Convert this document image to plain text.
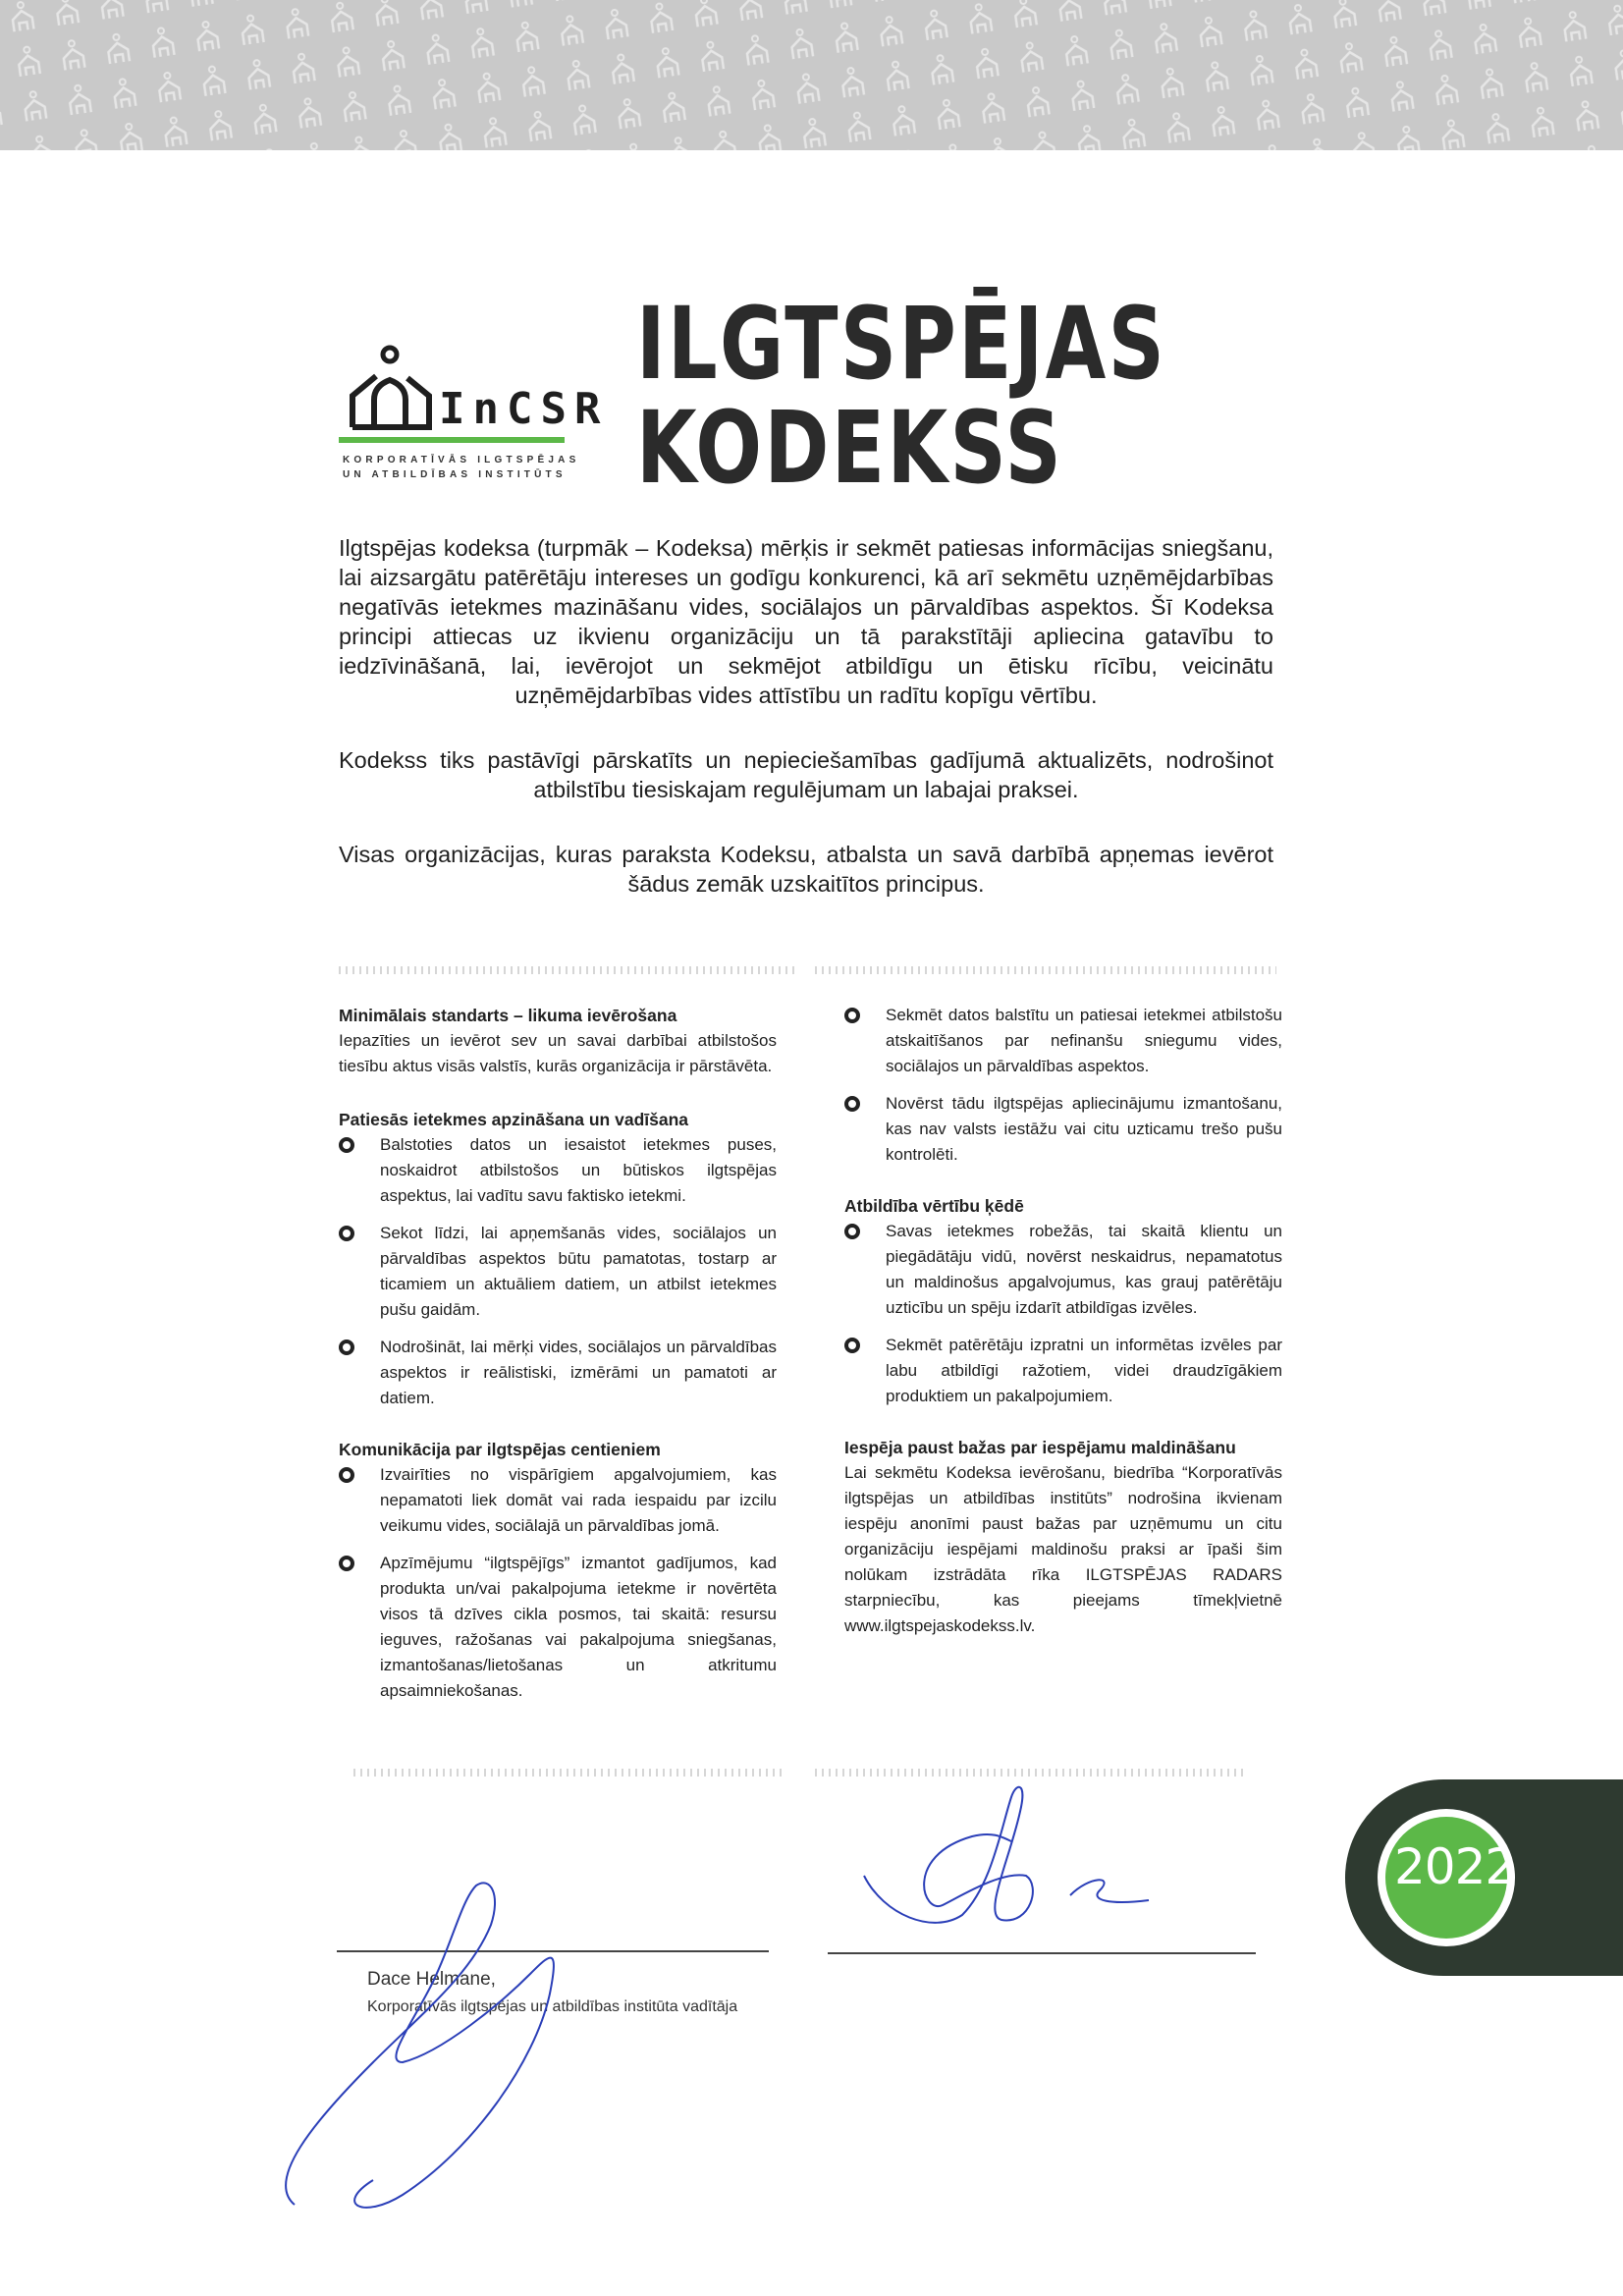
InCSR
KORPORATĪVĀS ILGTSPĒJAS
UN ATBILDĪBAS INSTITŪTS
ILGTSPĒJAS
KODEKSS

Ilgtspējas kodeksa (turpmāk – Kodeksa) mērķis ir sekmēt patiesas informācijas sniegšanu, lai aizsargātu patērētāju intereses un godīgu konkurenci, kā arī sekmētu uzņēmējdarbības negatīvās ietekmes mazināšanu vides, sociālajos un pārvaldības aspektos. Šī Kodeksa principi attiecas uz ikvienu organizāciju un tā parakstītāji apliecina gatavību to iedzīvināšanā, lai, ievērojot un sekmējot atbildīgu un ētisku rīcību, veicinātu uzņēmējdarbības vides attīstību un radītu kopīgu vērtību.

Kodekss tiks pastāvīgi pārskatīts un nepieciešamības gadījumā aktualizēts, nodrošinot atbilstību tiesiskajam regulējumam un labajai praksei.

Visas organizācijas, kuras paraksta Kodeksu, atbalsta un savā darbībā apņemas ievērot šādus zemāk uzskaitītos principus.

Minimālais standarts – likuma ievērošana

Iepazīties un ievērot sev un savai darbībai atbilstošos tiesību aktus visās valstīs, kurās organizācija ir pārstāvēta.

Patiesās ietekmes apzināšana un vadīšana
Balstoties datos un iesaistot ietekmes puses, noskaidrot atbilstošos un būtiskos ilgtspējas aspektus, lai vadītu savu faktisko ietekmi.
Sekot līdzi, lai apņemšanās vides, sociālajos un pārvaldības aspektos būtu pamatotas, tostarp ar ticamiem un aktuāliem datiem, un atbilst ietekmes pušu gaidām.
Nodrošināt, lai mērķi vides, sociālajos un pārvaldības aspektos ir reālistiski, izmērāmi un pamatoti ar datiem.
Komunikācija par ilgtspējas centieniem
Izvairīties no vispārīgiem apgalvojumiem, kas nepamatoti liek domāt vai rada iespaidu par izcilu veikumu vides, sociālajā un pārvaldības jomā.
Apzīmējumu “ilgtspējīgs” izmantot gadījumos, kad produkta un/vai pakalpojuma ietekme ir novērtēta visos tā dzīves cikla posmos, tai skaitā: resursu ieguves, ražošanas vai pakalpojuma sniegšanas, izmantošanas/lietošanas un atkritumu apsaimniekošanas.
Sekmēt datos balstītu un patiesai ietekmei atbilstošu atskaitīšanos par nefinanšu sniegumu vides, sociālajos un pārvaldības aspektos.
Novērst tādu ilgtspējas apliecinājumu izmantošanu, kas nav valsts iestāžu vai citu uzticamu trešo pušu kontrolēti.
Atbildība vērtību ķēdē
Savas ietekmes robežās, tai skaitā klientu un piegādātāju vidū, novērst neskaidrus, nepamatotus un maldinošus apgalvojumus, kas grauj patērētāju uzticību un spēju izdarīt atbildīgas izvēles.
Sekmēt patērētāju izpratni un informētas izvēles par labu atbildīgi ražotiem, videi draudzīgākiem produktiem un pakalpojumiem.
Iespēja paust bažas par iespējamu maldināšanu

Lai sekmētu Kodeksa ievērošanu, biedrība “Korporatīvās ilgtspējas un atbildības institūts” nodrošina ikvienam iespēju anonīmi paust bažas par uzņēmumu un citu organizāciju iespējami maldinošu praksi ar īpaši šim nolūkam izstrādāta rīka ILGTSPĒJAS RADARS starpniecību, kas pieejams tīmekļvietnē www.ilgtspejaskodekss.lv.

2022
Dace Helmane,
Korporatīvās ilgtspējas un atbildības institūta vadītāja
